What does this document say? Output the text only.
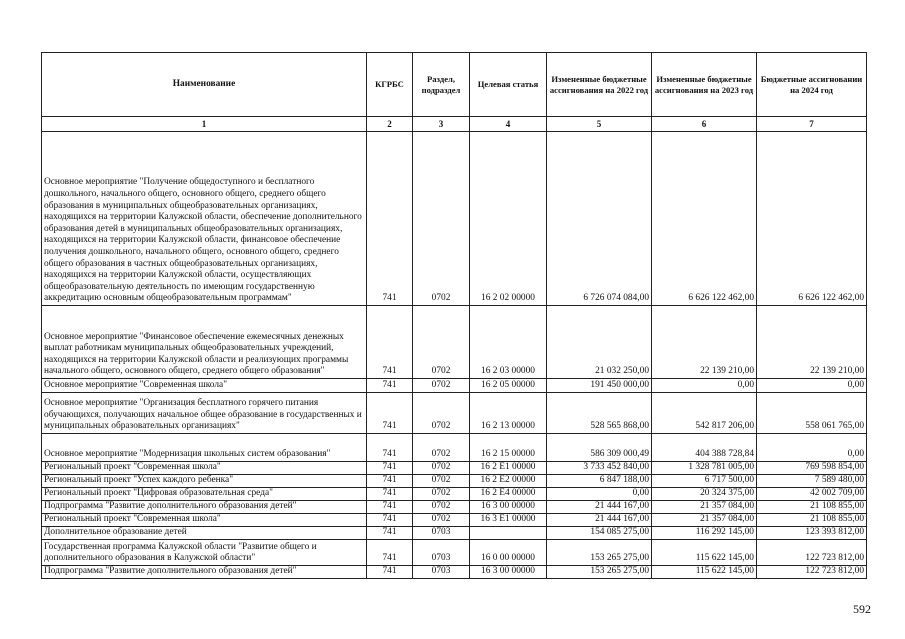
Наименование	КГРБС	Раздел, подраздел	Целевая статья	Измененные бюджетные ассигнования на 2022 год	Измененные бюджетные ассигнования на 2023 год	Бюджетные ассигновании на 2024 год
1	2	3	4	5	6	7
Основное мероприятие "Получение общедоступного и бесплатного дошкольного, начального общего, основного общего, среднего общего образования в муниципальных общеобразовательных организациях, находящихся на территории Калужской области, обеспечение дополнительного образования детей в муниципальных общеобразовательных организациях, находящихся на территории Калужской области, финансовое обеспечение получения дошкольного, начального общего, основного общего, среднего общего образования в частных общеобразовательных организациях, находящихся на территории Калужской области, осуществляющих общеобразовательную деятельность по имеющим государственную аккредитацию основным общеобразовательным программам"	741	0702	16 2 02 00000	6 726 074 084,00	6 626 122 462,00	6 626 122 462,00
Основное мероприятие "Финансовое обеспечение ежемесячных денежных выплат работникам муниципальных общеобразовательных учреждений, находящихся на территории Калужской области и реализующих программы начального общего, основного общего, среднего общего образования"	741	0702	16 2 03 00000	21 032 250,00	22 139 210,00	22 139 210,00
Основное мероприятие "Современная школа"	741	0702	16 2 05 00000	191 450 000,00	0,00	0,00
Основное мероприятие "Организация бесплатного горячего питания обучающихся, получающих начальное общее образование в государственных и муниципальных образовательных организациях"	741	0702	16 2 13 00000	528 565 868,00	542 817 206,00	558 061 765,00
Основное мероприятие "Модернизация школьных систем образования"	741	0702	16 2 15 00000	586 309 000,49	404 388 728,84	0,00
Региональный проект "Современная школа"	741	0702	16 2 E1 00000	3 733 452 840,00	1 328 781 005,00	769 598 854,00
Региональный проект "Успех каждого ребенка"	741	0702	16 2 E2 00000	6 847 188,00	6 717 500,00	7 589 480,00
Региональный проект "Цифровая образовательная среда"	741	0702	16 2 E4 00000	0,00	20 324 375,00	42 002 709,00
Подпрограмма "Развитие дополнительного образования детей"	741	0702	16 3 00 00000	21 444 167,00	21 357 084,00	21 108 855,00
Региональный проект "Современная школа"	741	0702	16 3 E1 00000	21 444 167,00	21 357 084,00	21 108 855,00
Дополнительное образование детей	741	0703		154 085 275,00	116 292 145,00	123 393 812,00
Государственная программа Калужской области "Развитие общего и дополнительного образования в Калужской области"	741	0703	16 0 00 00000	153 265 275,00	115 622 145,00	122 723 812,00
Подпрограмма "Развитие дополнительного образования детей"	741	0703	16 3 00 00000	153 265 275,00	115 622 145,00	122 723 812,00
592
